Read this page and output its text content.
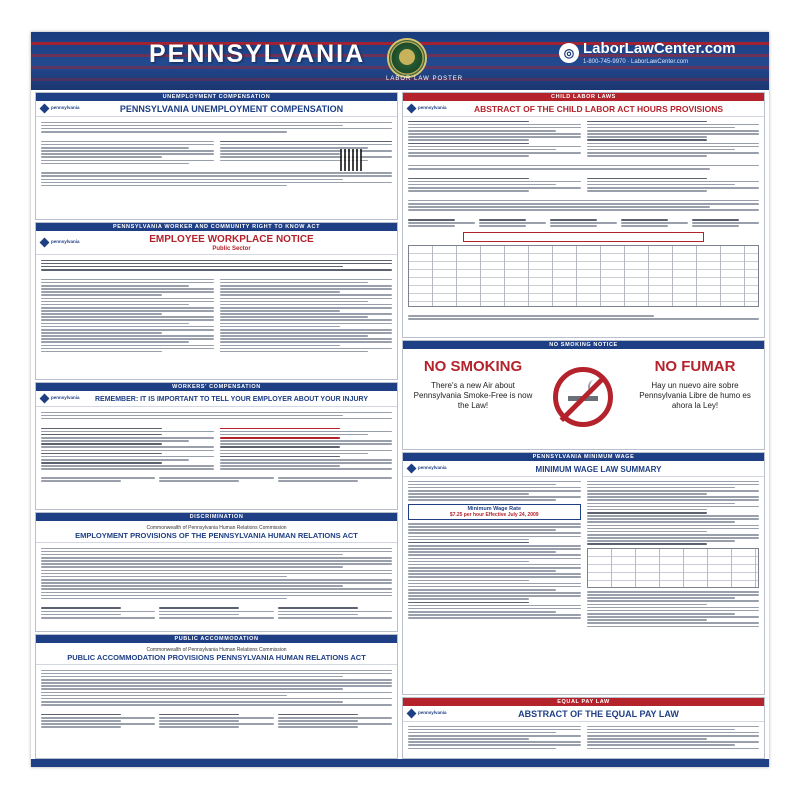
PENNSYLVANIA
LABOR LAW POSTER
◎ LaborLawCenter.com
1-800-745-9970 · LaborLawCenter.com
UNEMPLOYMENT COMPENSATION
pennsylvania	PENNSYLVANIA UNEMPLOYMENT COMPENSATION
PENNSYLVANIA WORKER AND COMMUNITY RIGHT TO KNOW ACT
pennsylvania	EMPLOYEE WORKPLACE NOTICE
Public Sector
WORKERS' COMPENSATION
pennsylvania	REMEMBER: IT IS IMPORTANT TO TELL YOUR EMPLOYER ABOUT YOUR INJURY
DISCRIMINATION
Commonwealth of Pennsylvania Human Relations Commission
EMPLOYMENT PROVISIONS OF THE PENNSYLVANIA HUMAN RELATIONS ACT
PUBLIC ACCOMMODATION
Commonwealth of Pennsylvania Human Relations Commission
PUBLIC ACCOMMODATION PROVISIONS PENNSYLVANIA HUMAN RELATIONS ACT
CHILD LABOR LAWS
pennsylvania	ABSTRACT OF THE CHILD LABOR ACT HOURS PROVISIONS

NO SMOKING NOTICE
NO SMOKING
There's a new Air about Pennsylvania Smoke-Free is now the Law!
NO FUMAR
Hay un nuevo aire sobre Pennsylvania Libre de humo es ahora la Ley!
PENNSYLVANIA MINIMUM WAGE
pennsylvania	MINIMUM WAGE LAW SUMMARY
Minimum Wage Rate
$7.25 per hour Effective July 24, 2009
EQUAL PAY LAW
pennsylvania	ABSTRACT OF THE EQUAL PAY LAW
